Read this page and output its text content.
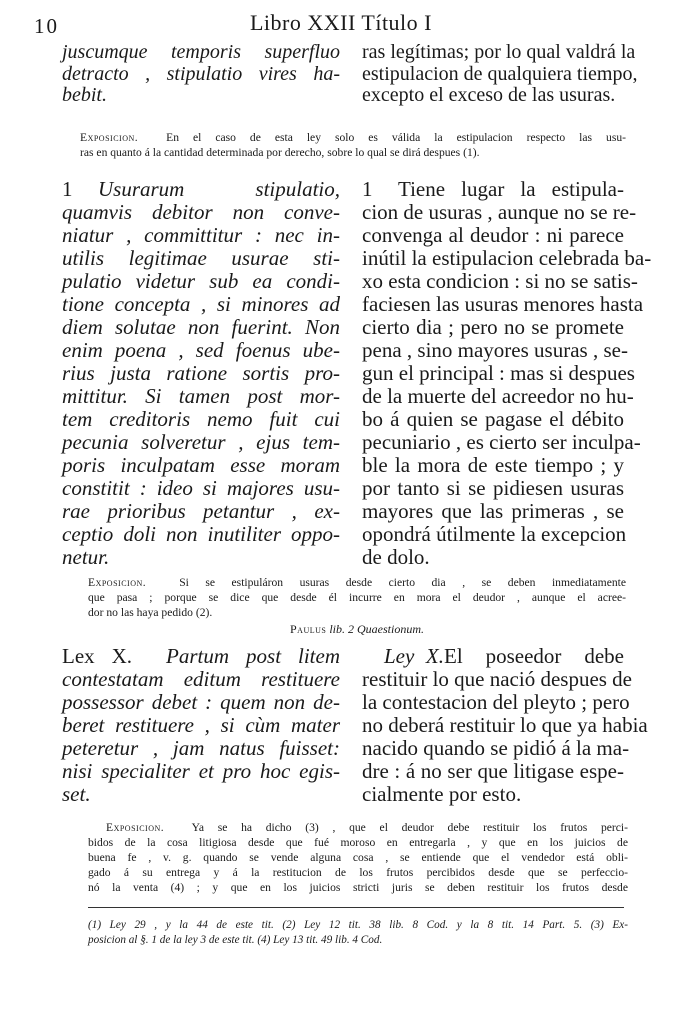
10	Libro XXII Título I
juscumque temporis superfluo
detracto , stipulatio vires ha-
bebit.
ras legítimas; por lo qual valdrá la
estipulacion de qualquiera tiempo,
excepto el exceso de las usuras.
Exposicion. En el caso de esta ley solo es válida la estipulacion respecto las usu-
ras en quanto á la cantidad determinada por derecho, sobre lo qual se dirá despues (1).
1 Usurarum stipulatio,
quamvis debitor non conve-
niatur , committitur : nec in-
utilis legitimae usurae sti-
pulatio videtur sub ea condi-
tione concepta , si minores ad
diem solutae non fuerint. Non
enim poena , sed foenus ube-
rius justa ratione sortis pro-
mittitur. Si tamen post mor-
tem creditoris nemo fuit cui
pecunia solveretur , ejus tem-
poris inculpatam esse moram
constitit : ideo si majores usu-
rae prioribus petantur , ex-
ceptio doli non inutiliter oppo-
netur.
1 Tiene lugar la estipula-
cion de usuras , aunque no se re-
convenga al deudor : ni parece
inútil la estipulacion celebrada ba-
xo esta condicion : si no se satis-
faciesen las usuras menores hasta
cierto dia ; pero no se promete
pena , sino mayores usuras , se-
gun el principal : mas si despues
de la muerte del acreedor no hu-
bo á quien se pagase el débito
pecuniario , es cierto ser inculpa-
ble la mora de este tiempo ; y
por tanto si se pidiesen usuras
mayores que las primeras , se
opondrá útilmente la excepcion
de dolo.
Exposicion.	Si se estipuláron usuras desde cierto dia , se deben inmediatamente
que pasa ; porque se dice que desde él incurre en mora el deudor , aunque el acree-
dor no las haya pedido (2).
Paulus lib. 2 Quaestionum.
Lex X. Partum post litem
contestatam editum restituere
possessor debet : quem non de-
beret restituere , si cùm mater
peteretur , jam natus fuisset:
nisi specialiter et pro hoc egis-
set.
Ley X.El poseedor debe
restituir lo que nació despues de
la contestacion del pleyto ; pero
no deberá restituir lo que ya habia
nacido quando se pidió á la ma-
dre : á no ser que litigase espe-
cialmente por esto.
Exposicion. Ya se ha dicho (3) , que el deudor debe restituir los frutos perci-
bidos de la cosa litigiosa desde que fué moroso en entregarla , y que en los juicios de
buena fe , v. g. quando se vende alguna cosa , se entiende que el vendedor está obli-
gado á su entrega y á la restitucion de los frutos percibidos desde que se perfeccio-
nó la venta (4) ; y que en los juicios stricti juris se deben restituir los frutos desde
(1) Ley 29 , y la 44 de este tit. (2) Ley 12 tit. 38 lib. 8 Cod. y la 8 tit. 14 Part. 5. (3) Ex-
posicion al §. 1 de la ley 3 de este tit. (4) Ley 13 tit. 49 lib. 4 Cod.
